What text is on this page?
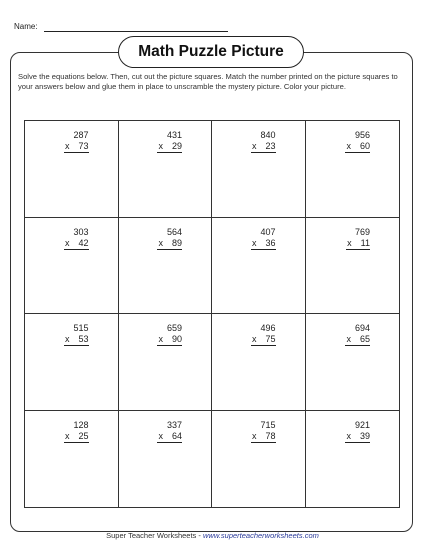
Name:
Math Puzzle Picture
Solve the equations below. Then, cut out the picture squares. Match the number printed on the picture squares to your answers below and glue them in place to unscramble the mystery picture. Color your picture.
287
x 73
431
x 29
840
x 23
956
x 60
303
x 42
564
x 89
407
x 36
769
x 11
515
x 53
659
x 90
496
x 75
694
x 65
128
x 25
337
x 64
715
x 78
921
x 39
Super Teacher Worksheets - www.superteacherworksheets.com
